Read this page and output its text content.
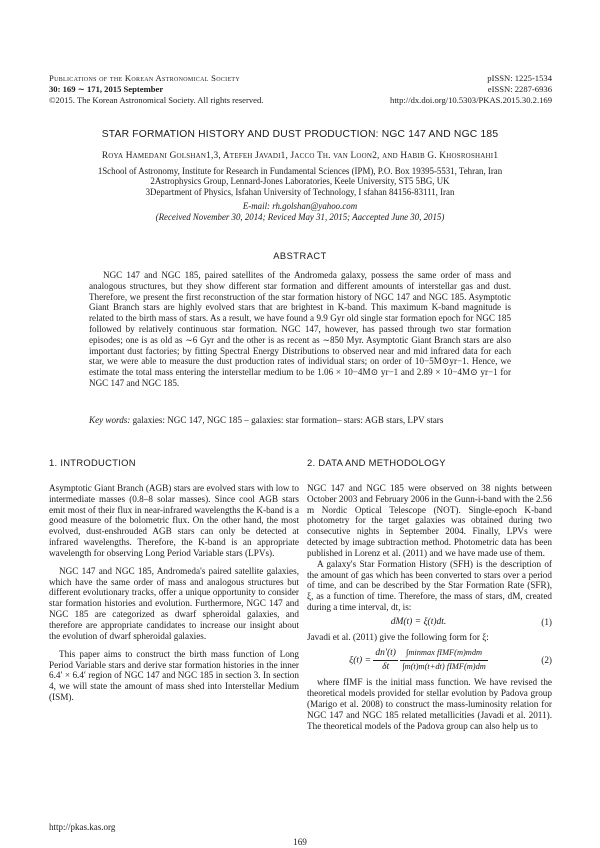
Publications of the Korean Astronomical Society
30: 169 ∼ 171, 2015 September
©2015. The Korean Astronomical Society. All rights reserved.
pISSN: 1225-1534
eISSN: 2287-6936
http://dx.doi.org/10.5303/PKAS.2015.30.2.169
STAR FORMATION HISTORY AND DUST PRODUCTION: NGC 147 AND NGC 185
Roya Hamedani Golshan1,3, Atefeh Javadi1, Jacco Th. van Loon2, and Habib G. Khosroshahi1
1School of Astronomy, Institute for Research in Fundamental Sciences (IPM), P.O. Box 19395-5531, Tehran, Iran
2Astrophysics Group, Lennard-Jones Laboratories, Keele University, ST5 5BG, UK
3Department of Physics, Isfahan University of Technology, I sfahan 84156-83111, Iran
E-mail: rh.golshan@yahoo.com
(Received November 30, 2014; Reviced May 31, 2015; Aaccepted June 30, 2015)
ABSTRACT

NGC 147 and NGC 185, paired satellites of the Andromeda galaxy, possess the same order of mass and analogous structures, but they show different star formation and different amounts of interstellar gas and dust. Therefore, we present the first reconstruction of the star formation history of NGC 147 and NGC 185. Asymptotic Giant Branch stars are highly evolved stars that are brightest in K-band. This maximum K-band magnitude is related to the birth mass of stars. As a result, we have found a 9.9 Gyr old single star formation epoch for NGC 185 followed by relatively continuous star formation. NGC 147, however, has passed through two star formation episodes; one is as old as ∼6 Gyr and the other is as recent as ∼850 Myr. Asymptotic Giant Branch stars are also important dust factories; by fitting Spectral Energy Distributions to observed near and mid infrared data for each star, we were able to measure the dust production rates of individual stars; on order of 10−5M⊙yr−1. Hence, we estimate the total mass entering the interstellar medium to be 1.06 × 10−4M⊙ yr−1 and 2.89 × 10−4M⊙ yr−1 for NGC 147 and NGC 185.

Key words: galaxies: NGC 147, NGC 185 – galaxies: star formation– stars: AGB stars, LPV stars
1. INTRODUCTION

Asymptotic Giant Branch (AGB) stars are evolved stars with low to intermediate masses (0.8–8 solar masses). Since cool AGB stars emit most of their flux in near-infrared wavelengths the K-band is a good measure of the bolometric flux. On the other hand, the most evolved, dust-enshrouded AGB stars can only be detected at infrared wavelengths. Therefore, the K-band is an appropriate wavelength for observing Long Period Variable stars (LPVs).

NGC 147 and NGC 185, Andromeda's paired satellite galaxies, which have the same order of mass and analogous structures but different evolutionary tracks, offer a unique opportunity to consider star formation histories and evolution. Furthermore, NGC 147 and NGC 185 are categorized as dwarf spheroidal galaxies, and therefore are appropriate candidates to increase our insight about the evolution of dwarf spheroidal galaxies.

This paper aims to construct the birth mass function of Long Period Variable stars and derive star formation histories in the inner 6.4′ × 6.4′ region of NGC 147 and NGC 185 in section 3. In section 4, we will state the amount of mass shed into Interstellar Medium (ISM).

2. DATA AND METHODOLOGY

NGC 147 and NGC 185 were observed on 38 nights between October 2003 and February 2006 in the Gunn-i-band with the 2.56 m Nordic Optical Telescope (NOT). Single-epoch K-band photometry for the target galaxies was obtained during two consecutive nights in September 2004. Finally, LPVs were detected by image subtraction method. Photometric data has been published in Lorenz et al. (2011) and we have made use of them.

A galaxy's Star Formation History (SFH) is the description of the amount of gas which has been converted to stars over a period of time, and can be described by the Star Formation Rate (SFR), ξ, as a function of time. Therefore, the mass of stars, dM, created during a time interval, dt, is:

dM(t) = ξ(t)dt.	(1)

Javadi et al. (2011) give the following form for ξ:

$\xi(t) = \frac{dn'(t)}{\delta t}$
$\frac{\text{∫minmax fIMF(m)mdm}}{\text{∫m(t)m(t+dt) fIMF(m)dm}}$	(2)

where fIMF is the initial mass function. We have revised the theoretical models provided for stellar evolution by Padova group (Marigo et al. 2008) to construct the mass-luminosity relation for NGC 147 and NGC 185 related metallicities (Javadi et al. 2011). The theoretical models of the Padova group can also help us to

http://pkas.kas.org
169
